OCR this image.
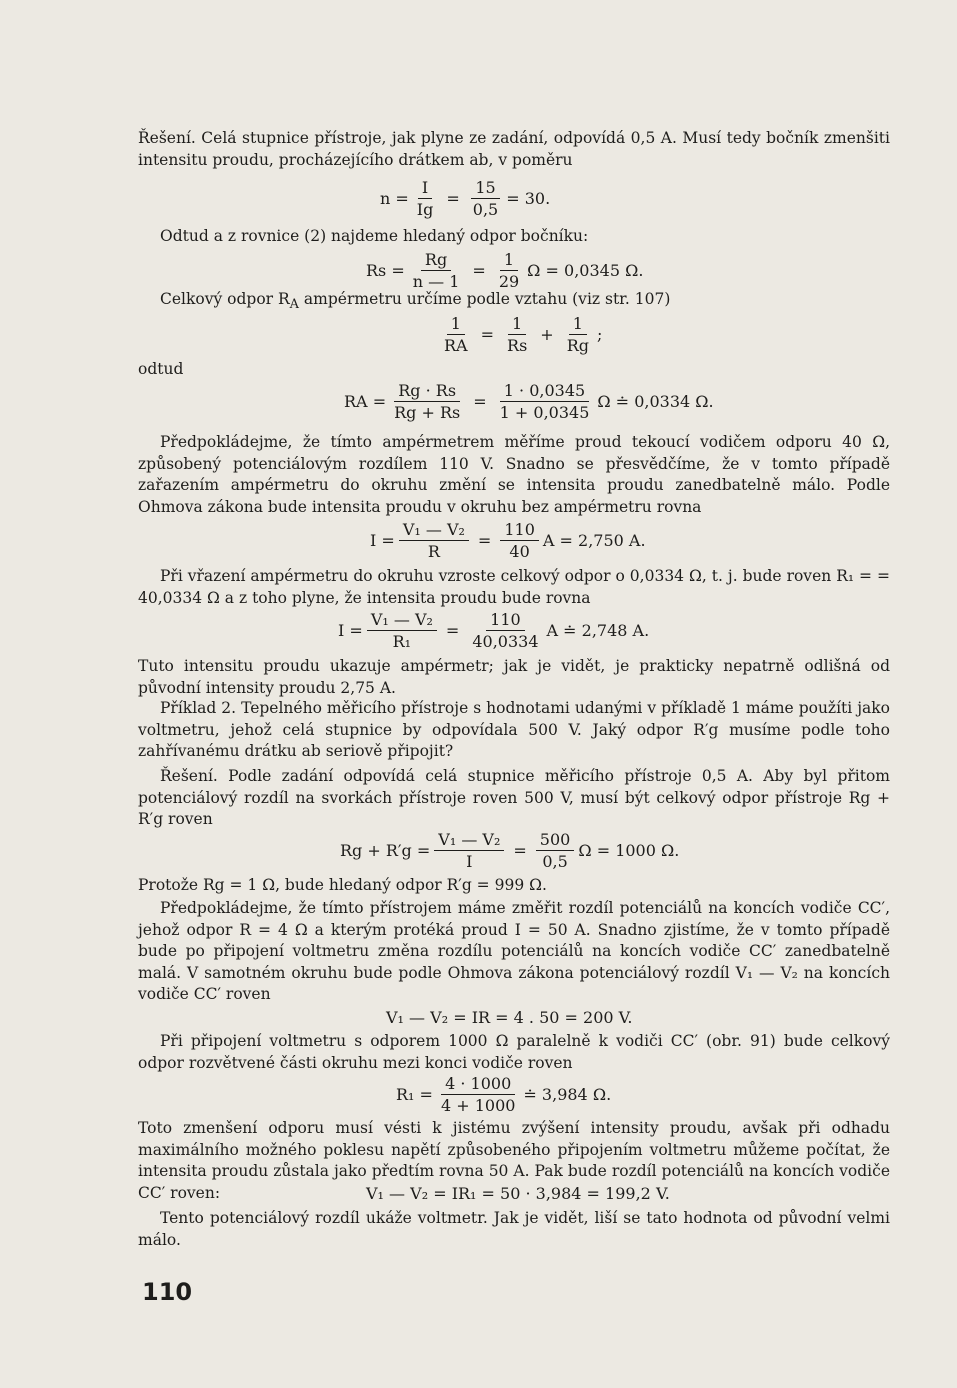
Řešení. Celá stupnice přístroje, jak plyne ze zadání, odpovídá 0,5 A. Musí tedy bočník zmenšiti intensitu proudu, procházejícího drátkem ab, v poměru
$n = \frac{I}{Ig} = \frac{15}{0,5} = 30$.
Odtud a z rovnice (2) najdeme hledaný odpor bočníku:
$Rs = \frac{Rg}{n — 1} = \frac{1}{29}$ Ω = 0,0345 Ω.
Celkový odpor $R_A$ ampérmetru určíme podle vztahu (viz str. 107)
$\frac{1}{RA} = \frac{1}{Rs} + \frac{1}{Rg}$ ;
odtud
RA = $\frac{Rg \cdot Rs}{Rg + Rs} = \frac{1 \cdot 0,0345}{1 + 0,0345}$ Ω ≐ 0,0334 Ω.
Předpokládejme, že tímto ampérmetrem měříme proud tekoucí vodičem odporu 40 Ω, způsobený potenciálovým rozdílem 110 V. Snadno se přesvědčíme, že v tomto případě zařazením ampérmetru do okruhu změní se intensita proudu zanedbatelně málo. Podle Ohmova zákona bude intensita proudu v okruhu bez ampérmetru rovna
$I = \frac{\text{V₁ — V₂}}{R} = \frac{110}{40}$ A = 2,750 A.
Při vřazení ampérmetru do okruhu vzroste celkový odpor o 0,0334 Ω, t. j. bude roven R₁ = = 40,0334 Ω a z toho plyne, že intensita proudu bude rovna
$I = \frac{\text{V₁ — V₂}}{\text{R₁}} = \frac{110}{40,0334}$ A ≐ 2,748 A.
Tuto intensitu proudu ukazuje ampérmetr; jak je vidět, je prakticky nepatrně odlišná od původní intensity proudu 2,75 A.
Příklad 2. Tepelného měřicího přístroje s hodnotami udanými v příkladě 1 máme použíti jako voltmetru, jehož celá stupnice by odpovídala 500 V. Jaký odpor R′g musíme podle toho zahřívanému drátku ab seriově připojit?
Řešení. Podle zadání odpovídá celá stupnice měřicího přístroje 0,5 A. Aby byl přitom potenciálový rozdíl na svorkách přístroje roven 500 V, musí být celkový odpor přístroje Rg + R′g roven
$Rg + R'g = \frac{\text{V₁ — V₂}}{I} = \frac{500}{0,5}$ Ω = 1000 Ω.
Protože Rg = 1 Ω, bude hledaný odpor R′g = 999 Ω.
Předpokládejme, že tímto přístrojem máme změřit rozdíl potenciálů na koncích vodiče CC′, jehož odpor R = 4 Ω a kterým protéká proud I = 50 A. Snadno zjistíme, že v tomto případě bude po připojení voltmetru změna rozdílu potenciálů na koncích vodiče CC′ zanedbatelně malá. V samotném okruhu bude podle Ohmova zákona potenciálový rozdíl V₁ — V₂ na koncích vodiče CC′ roven
V₁ — V₂ = IR = 4 . 50 = 200 V.
Při připojení voltmetru s odporem 1000 Ω paralelně k vodiči CC′ (obr. 91) bude celkový odpor rozvětvené části okruhu mezi konci vodiče roven
$R_1 = \frac{4 \cdot 1000}{4 + 1000}$ ≐ 3,984 Ω.
Toto zmenšení odporu musí vésti k jistému zvýšení intensity proudu, avšak při odhadu maximálního možného poklesu napětí způsobeného připojením voltmetru můžeme počítat, že intensita proudu zůstala jako předtím rovna 50 A. Pak bude rozdíl potenciálů na koncích vodiče CC′ roven:	V₁ — V₂ = IR₁ = 50 · 3,984 = 199,2 V.
Tento potenciálový rozdíl ukáže voltmetr. Jak je vidět, liší se tato hodnota od původní velmi málo.
110
